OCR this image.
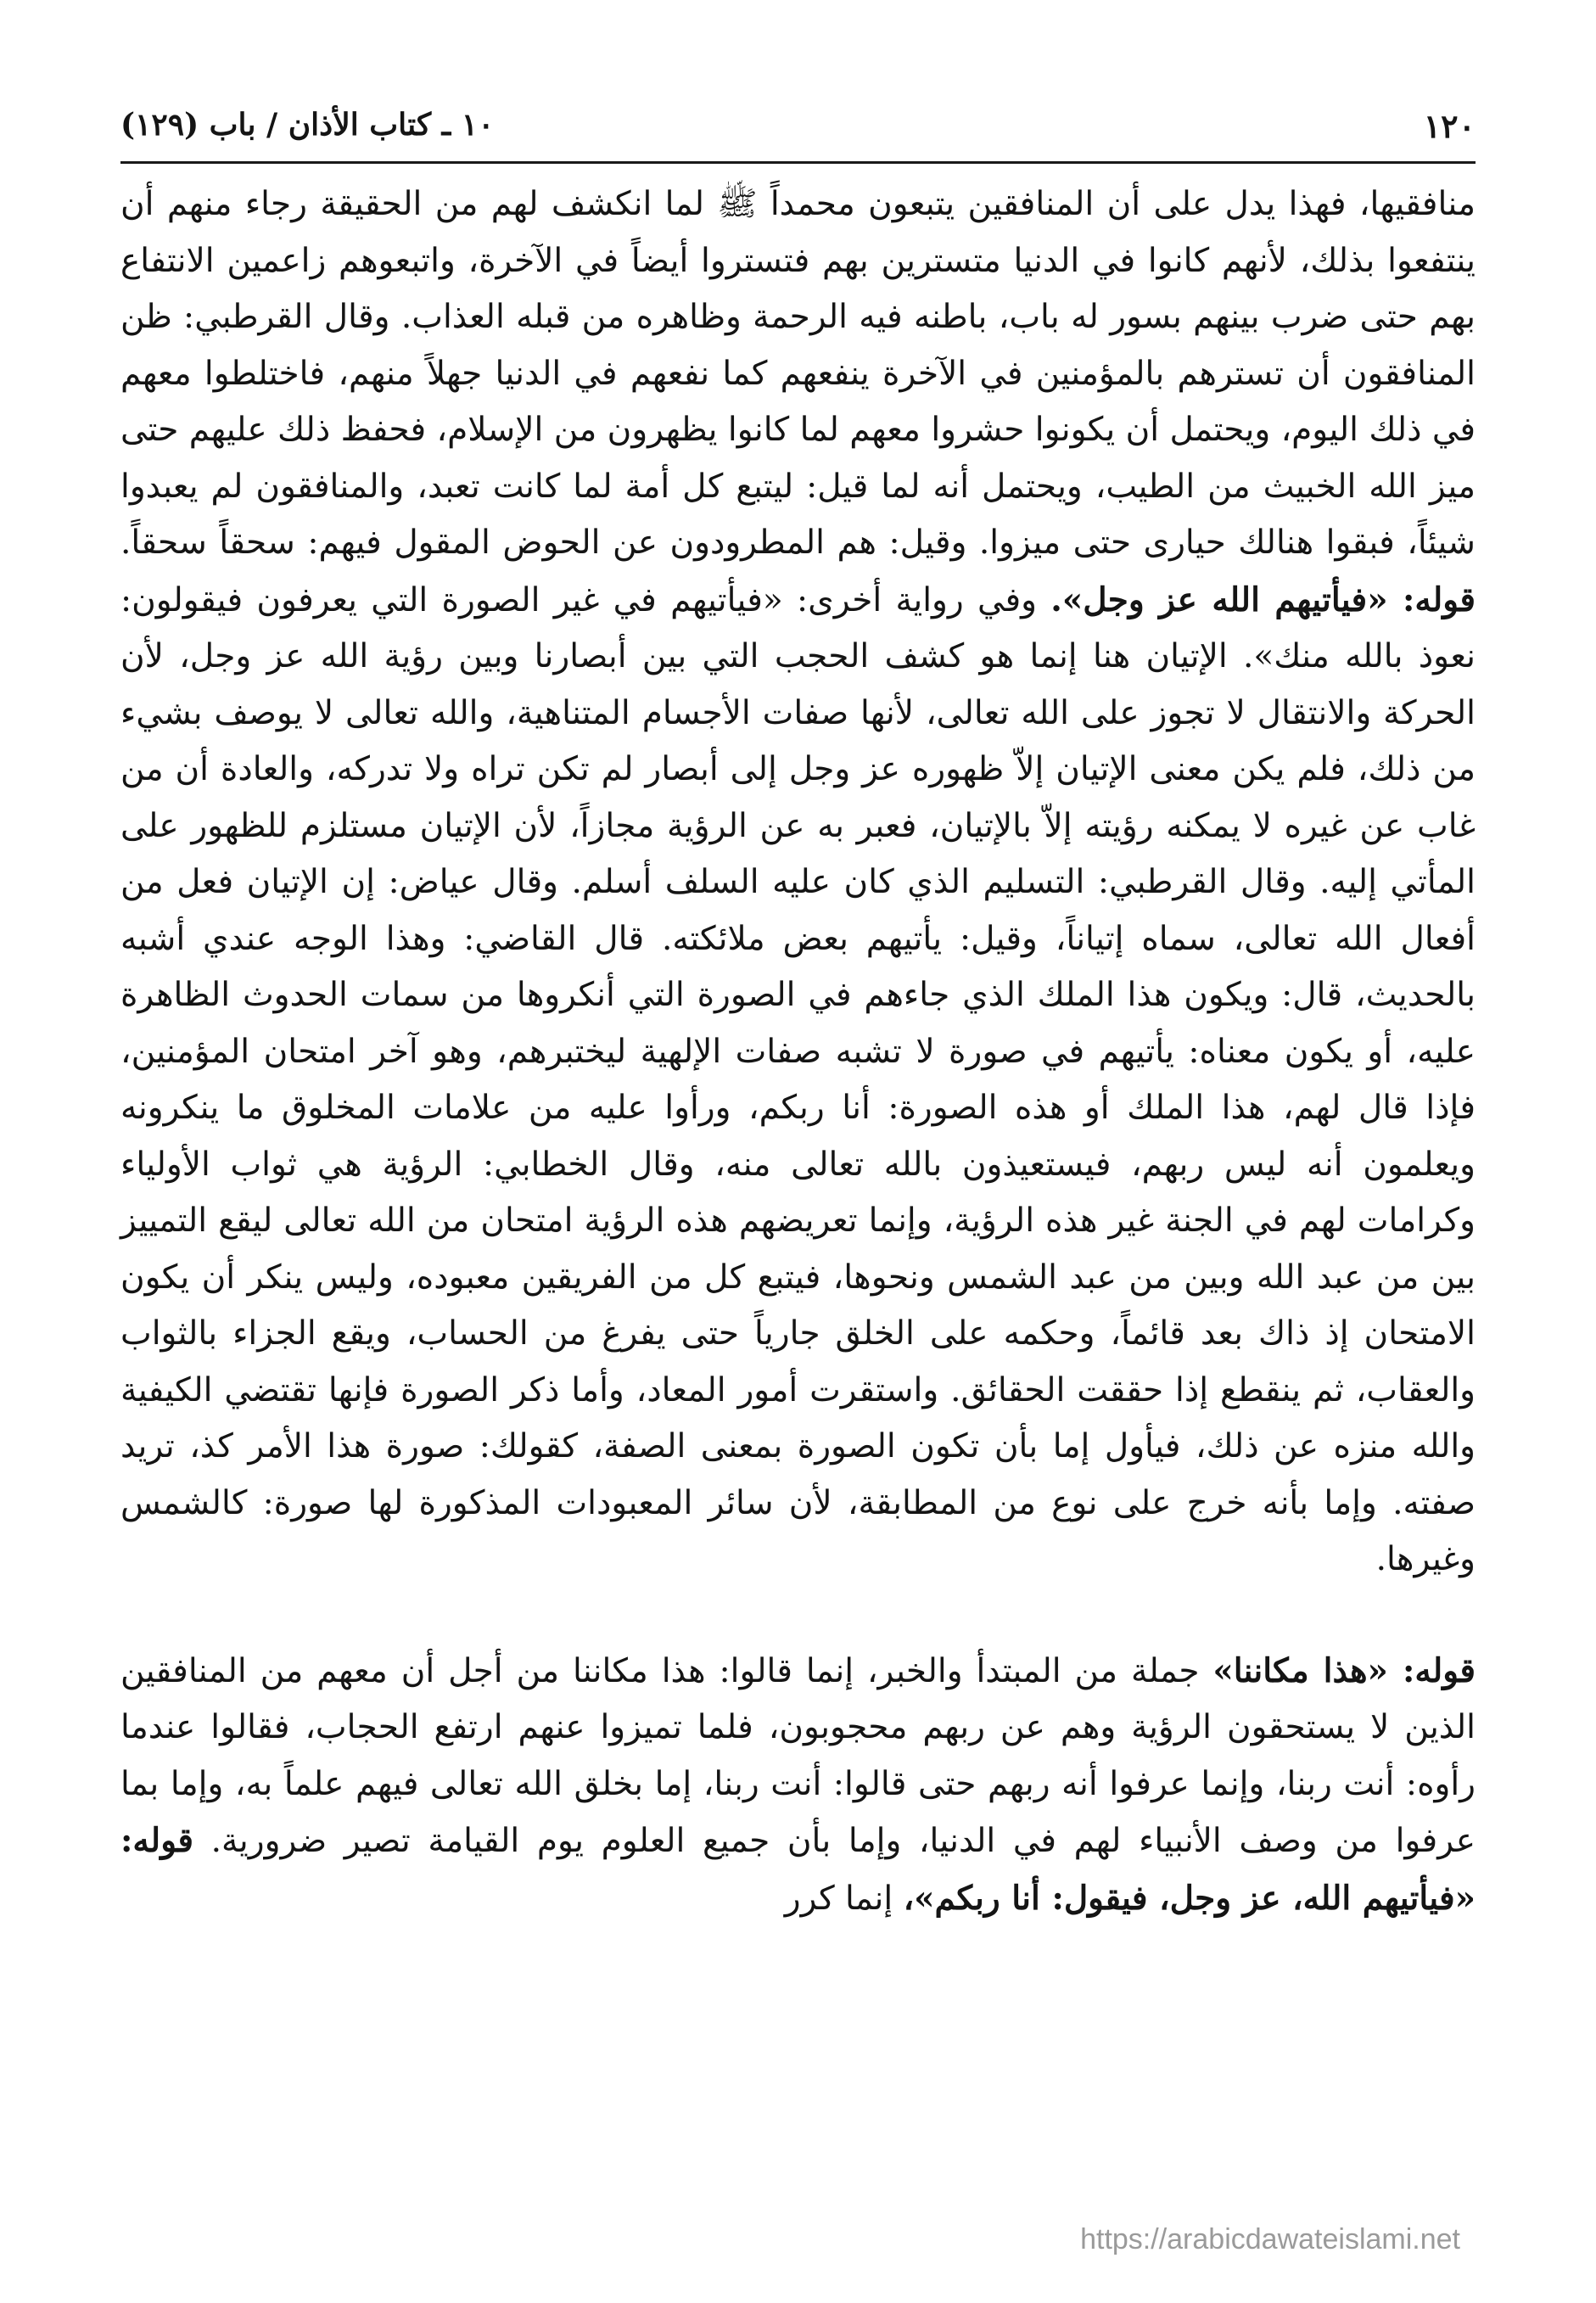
١٢٠
١٠ ـ كتاب الأذان / باب (١٢٩)

منافقيها، فهذا يدل على أن المنافقين يتبعون محمداً ﷺ لما انكشف لهم من الحقيقة رجاء منهم أن ينتفعوا بذلك، لأنهم كانوا في الدنيا متسترين بهم فتستروا أيضاً في الآخرة، واتبعوهم زاعمين الانتفاع بهم حتى ضرب بينهم بسور له باب، باطنه فيه الرحمة وظاهره من قبله العذاب. وقال القرطبي: ظن المنافقون أن تسترهم بالمؤمنين في الآخرة ينفعهم كما نفعهم في الدنيا جهلاً منهم، فاختلطوا معهم في ذلك اليوم، ويحتمل أن يكونوا حشروا معهم لما كانوا يظهرون من الإسلام، فحفظ ذلك عليهم حتى ميز الله الخبيث من الطيب، ويحتمل أنه لما قيل: ليتبع كل أمة لما كانت تعبد، والمنافقون لم يعبدوا شيئاً، فبقوا هنالك حيارى حتى ميزوا. وقيل: هم المطرودون عن الحوض المقول فيهم: سحقاً سحقاً. قوله: «فيأتيهم الله عز وجل». وفي رواية أخرى: «فيأتيهم في غير الصورة التي يعرفون فيقولون: نعوذ بالله منك». الإتيان هنا إنما هو كشف الحجب التي بين أبصارنا وبين رؤية الله عز وجل، لأن الحركة والانتقال لا تجوز على الله تعالى، لأنها صفات الأجسام المتناهية، والله تعالى لا يوصف بشيء من ذلك، فلم يكن معنى الإتيان إلاّ ظهوره عز وجل إلى أبصار لم تكن تراه ولا تدركه، والعادة أن من غاب عن غيره لا يمكنه رؤيته إلاّ بالإتيان، فعبر به عن الرؤية مجازاً، لأن الإتيان مستلزم للظهور على المأتي إليه. وقال القرطبي: التسليم الذي كان عليه السلف أسلم. وقال عياض: إن الإتيان فعل من أفعال الله تعالى، سماه إتياناً، وقيل: يأتيهم بعض ملائكته. قال القاضي: وهذا الوجه عندي أشبه بالحديث، قال: ويكون هذا الملك الذي جاءهم في الصورة التي أنكروها من سمات الحدوث الظاهرة عليه، أو يكون معناه: يأتيهم في صورة لا تشبه صفات الإلهية ليختبرهم، وهو آخر امتحان المؤمنين، فإذا قال لهم، هذا الملك أو هذه الصورة: أنا ربكم، ورأوا عليه من علامات المخلوق ما ينكرونه ويعلمون أنه ليس ربهم، فيستعيذون بالله تعالى منه، وقال الخطابي: الرؤية هي ثواب الأولياء وكرامات لهم في الجنة غير هذه الرؤية، وإنما تعريضهم هذه الرؤية امتحان من الله تعالى ليقع التمييز بين من عبد الله وبين من عبد الشمس ونحوها، فيتبع كل من الفريقين معبوده، وليس ينكر أن يكون الامتحان إذ ذاك بعد قائماً، وحكمه على الخلق جارياً حتى يفرغ من الحساب، ويقع الجزاء بالثواب والعقاب، ثم ينقطع إذا حققت الحقائق. واستقرت أمور المعاد، وأما ذكر الصورة فإنها تقتضي الكيفية والله منزه عن ذلك، فيأول إما بأن تكون الصورة بمعنى الصفة، كقولك: صورة هذا الأمر كذ، تريد صفته. وإما بأنه خرج على نوع من المطابقة، لأن سائر المعبودات المذكورة لها صورة: كالشمس وغيرها.

قوله: «هذا مكاننا» جملة من المبتدأ والخبر، إنما قالوا: هذا مكاننا من أجل أن معهم من المنافقين الذين لا يستحقون الرؤية وهم عن ربهم محجوبون، فلما تميزوا عنهم ارتفع الحجاب، فقالوا عندما رأوه: أنت ربنا، وإنما عرفوا أنه ربهم حتى قالوا: أنت ربنا، إما بخلق الله تعالى فيهم علماً به، وإما بما عرفوا من وصف الأنبياء لهم في الدنيا، وإما بأن جميع العلوم يوم القيامة تصير ضرورية. قوله: «فيأتيهم الله، عز وجل، فيقول: أنا ربكم»، إنما كرر

https://arabicdawateislami.net
